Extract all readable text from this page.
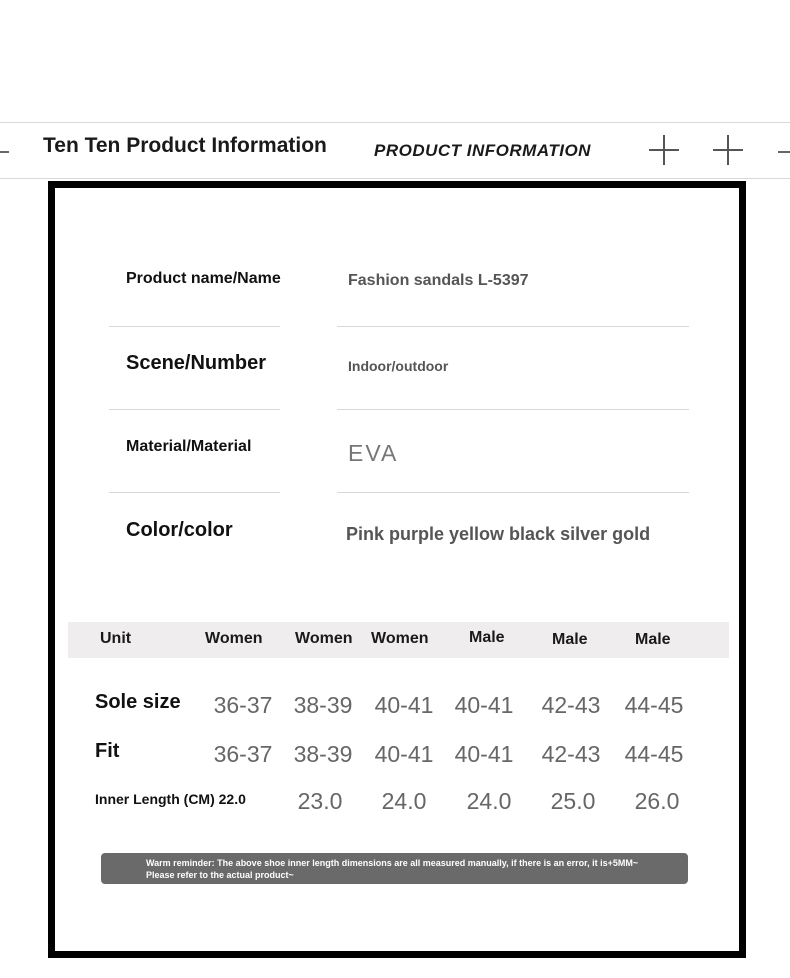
Ten Ten Product Information	PRODUCT INFORMATION
Product name/Name	Fashion sandals L-5397
Scene/Number	Indoor/outdoor
Material/Material	EVA
Color/color	Pink purple yellow black silver gold
Unit	Women Women Women	Male	Male	Male
Sole size	36-37 38-39 40-41 40-41	42-43	44-45
Fit	36-37 38-39 40-41 40-41	42-43	44-45
Inner Length (CM) 22.0	23.0	24.0	24.0	25.0	26.0
Warm reminder: The above shoe inner length dimensions are all measured manually, if there is an error, it is+5MM~ Please refer to the actual product~
